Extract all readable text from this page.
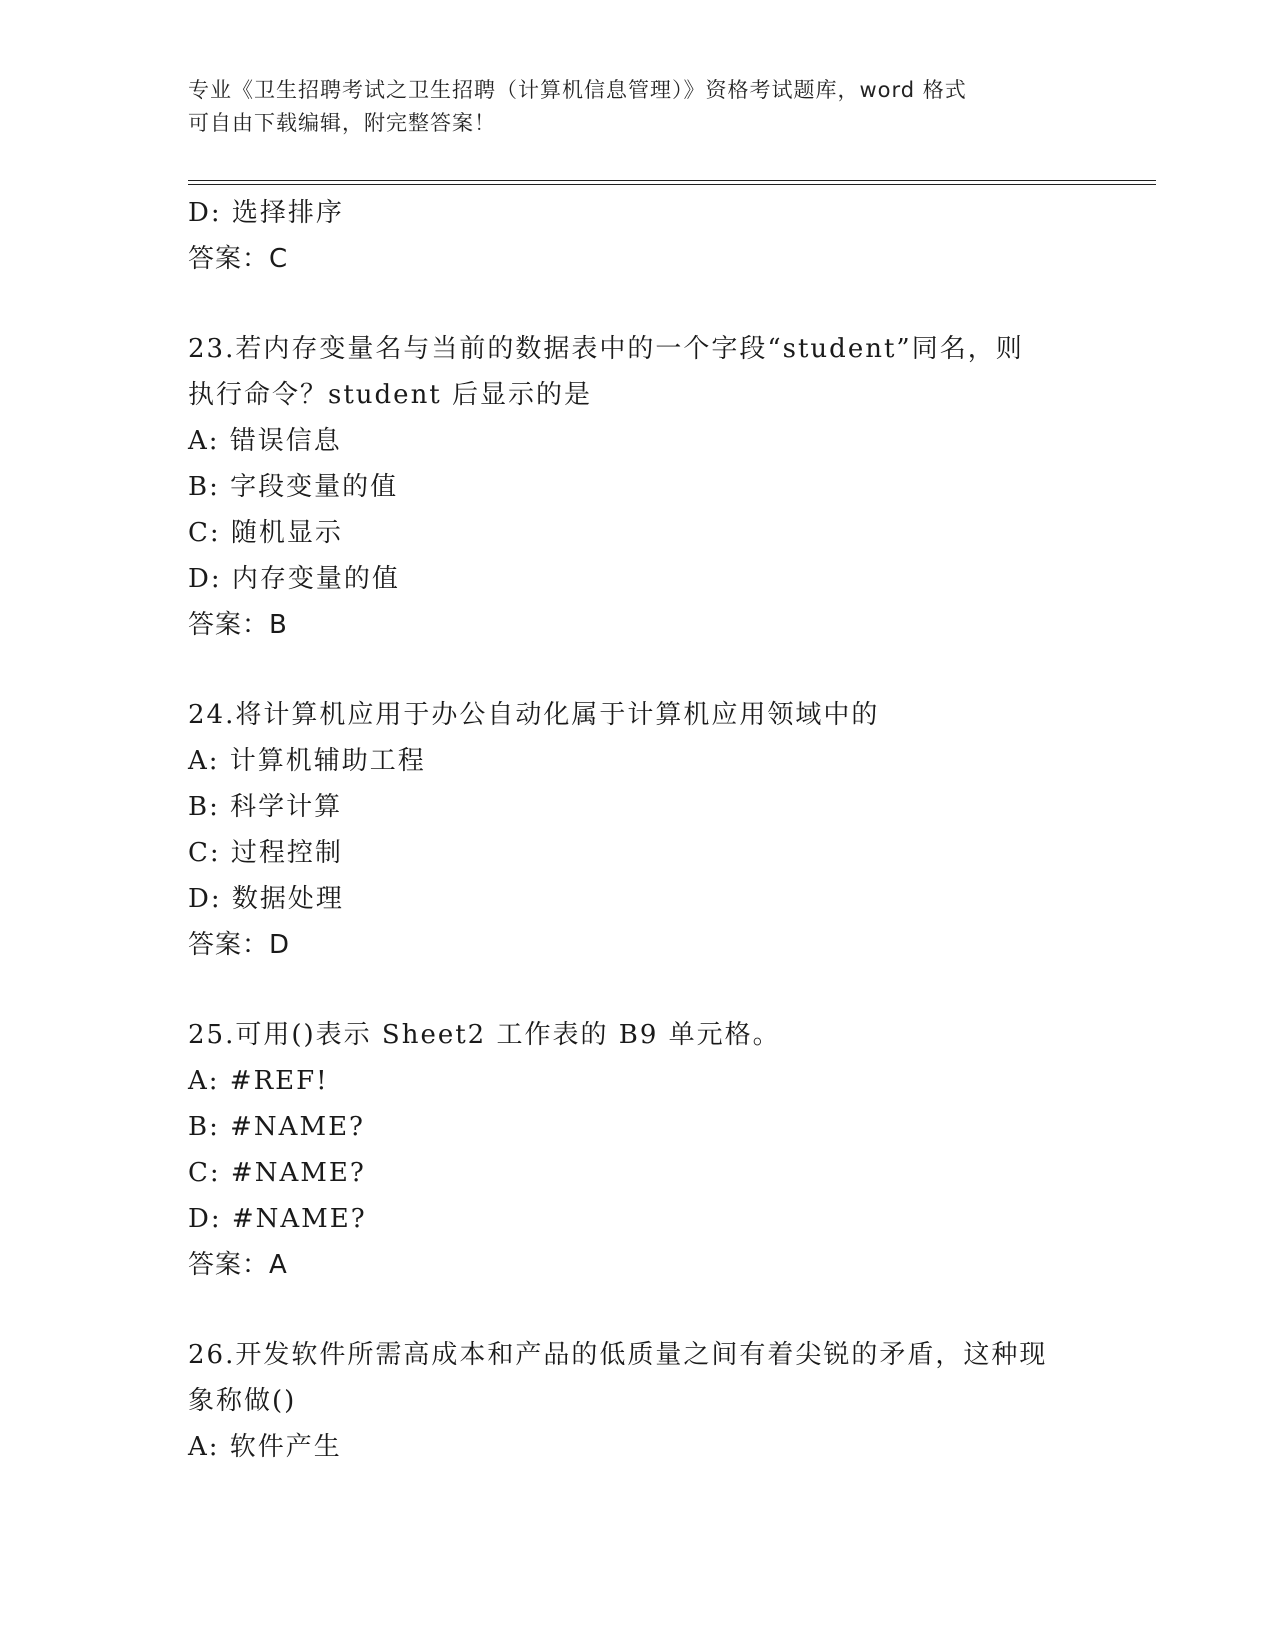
专业《卫生招聘考试之卫生招聘（计算机信息管理）》资格考试题库，word 格式
可自由下载编辑，附完整答案！
D: 选择排序
答案：C
23.若内存变量名与当前的数据表中的一个字段“student”同名，则
执行命令？student 后显示的是
A: 错误信息
B: 字段变量的值
C: 随机显示
D: 内存变量的值
答案：B
24.将计算机应用于办公自动化属于计算机应用领域中的
A: 计算机辅助工程
B: 科学计算
C: 过程控制
D: 数据处理
答案：D
25.可用()表示 Sheet2 工作表的 B9 单元格。
A: #REF!
B: #NAME?
C: #NAME?
D: #NAME?
答案：A
26.开发软件所需高成本和产品的低质量之间有着尖锐的矛盾，这种现
象称做()
A: 软件产生
